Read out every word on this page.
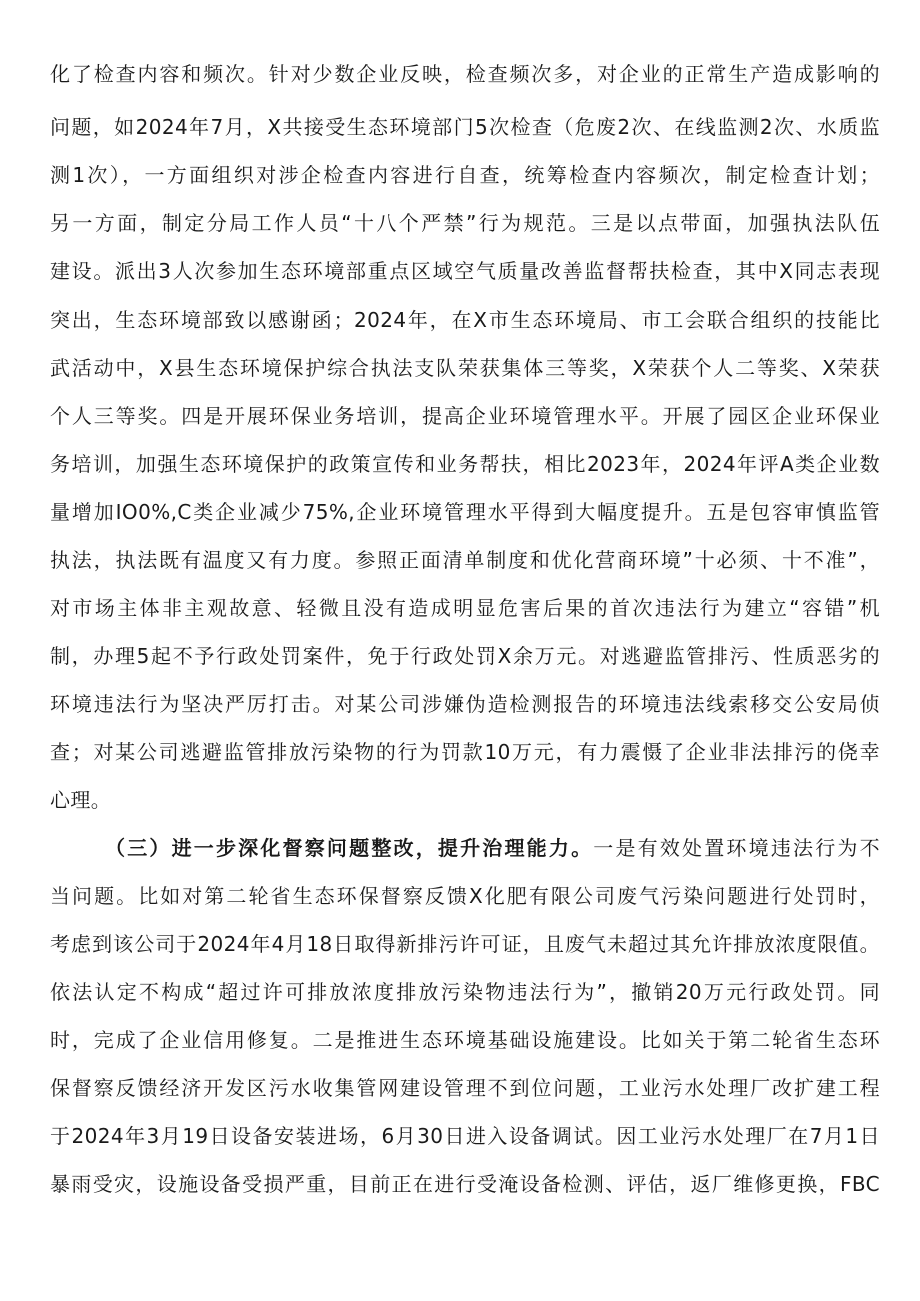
化了检查内容和频次。针对少数企业反映，检查频次多，对企业的正常生产造成影响的
问题，如2024年7月，X共接受生态环境部门5次检查（危废2次、在线监测2次、水质监
测1次），一方面组织对涉企检查内容进行自查，统筹检查内容频次，制定检查计划；
另一方面，制定分局工作人员“十八个严禁”行为规范。三是以点带面，加强执法队伍
建设。派出3人次参加生态环境部重点区域空气质量改善监督帮扶检查，其中X同志表现
突出，生态环境部致以感谢函；2024年，在X市生态环境局、市工会联合组织的技能比
武活动中，X县生态环境保护综合执法支队荣获集体三等奖，X荣获个人二等奖、X荣获
个人三等奖。四是开展环保业务培训，提高企业环境管理水平。开展了园区企业环保业
务培训，加强生态环境保护的政策宣传和业务帮扶，相比2023年，2024年评A类企业数
量增加IO0%,C类企业减少75%,企业环境管理水平得到大幅度提升。五是包容审慎监管
执法，执法既有温度又有力度。参照正面清单制度和优化营商环境”十必须、十不准”，
对市场主体非主观故意、轻微且没有造成明显危害后果的首次违法行为建立“容错”机
制，办理5起不予行政处罚案件，免于行政处罚X余万元。对逃避监管排污、性质恶劣的
环境违法行为坚决严厉打击。对某公司涉嫌伪造检测报告的环境违法线索移交公安局侦
查；对某公司逃避监管排放污染物的行为罚款10万元，有力震慑了企业非法排污的侥幸
心理。
（三）进一步深化督察问题整改，提升治理能力。一是有效处置环境违法行为不
当问题。比如对第二轮省生态环保督察反馈X化肥有限公司废气污染问题进行处罚时，
考虑到该公司于2024年4月18日取得新排污许可证，且废气未超过其允许排放浓度限值。
依法认定不构成“超过许可排放浓度排放污染物违法行为”，撤销20万元行政处罚。同
时，完成了企业信用修复。二是推进生态环境基础设施建设。比如关于第二轮省生态环
保督察反馈经济开发区污水收集管网建设管理不到位问题，工业污水处理厂改扩建工程
于2024年3月19日设备安装进场，6月30日进入设备调试。因工业污水处理厂在7月1日
暴雨受灾，设施设备受损严重，目前正在进行受淹设备检测、评估，返厂维修更换，FBC
